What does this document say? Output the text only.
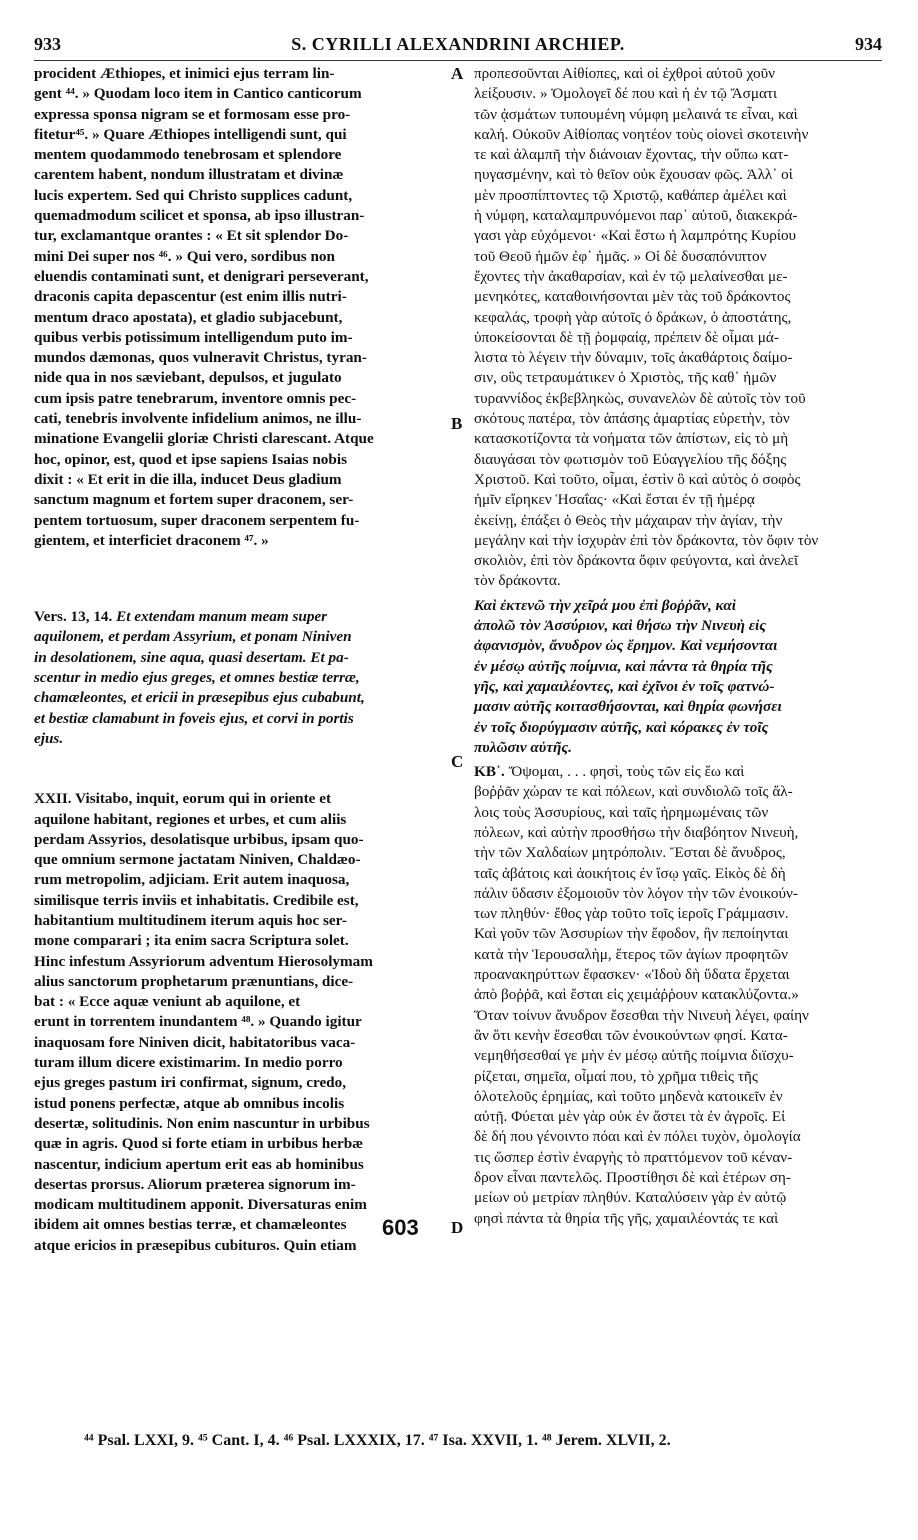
933	S. CYRILLI ALEXANDRINI ARCHIEP.	934

procident Æthiopes, et inimici ejus terram lin-
gent ⁴⁴. » Quodam loco item in Cantico canticorum
expressa sponsa nigram se et formosam esse pro-
fitetur⁴⁵. » Quare Æthiopes intelligendi sunt, qui
mentem quodammodo tenebrosam et splendore
carentem habent, nondum illustratam et divinæ
lucis expertem. Sed qui Christo supplices cadunt,
quemadmodum scilicet et sponsa, ab ipso illustran-
tur, exclamantque orantes : « Et sit splendor Do-
mini Dei super nos ⁴⁶. » Qui vero, sordibus non
eluendis contaminati sunt, et denigrari perseverant,
draconis capita depascentur (est enim illis nutri-
mentum draco apostata), et gladio subjacebunt,
quibus verbis potissimum intelligendum puto im-
mundos dæmonas, quos vulneravit Christus, tyran-
nide qua in nos sæviebant, depulsos, et jugulato
cum ipsis patre tenebrarum, inventore omnis pec-
cati, tenebris involvente infidelium animos, ne illu-
minatione Evangelii gloriæ Christi clarescant. Atque
hoc, opinor, est, quod et ipse sapiens Isaias nobis
dixit : « Et erit in die illa, inducet Deus gladium
sanctum magnum et fortem super draconem, ser-
pentem tortuosum, super draconem serpentem fu-
gientem, et interficiet draconem ⁴⁷. »

Vers. 13, 14. Et extendam manum meam super
aquilonem, et perdam Assyrium, et ponam Niniven
in desolationem, sine aqua, quasi desertam. Et pa-
scentur in medio ejus greges, et omnes bestiæ terræ,
chamæleontes, et ericii in præsepibus ejus cubabunt,
et bestiæ clamabunt in foveis ejus, et corvi in portis
ejus.

XXII. Visitabo, inquit, eorum qui in oriente et
aquilone habitant, regiones et urbes, et cum aliis
perdam Assyrios, desolatisque urbibus, ipsam quo-
que omnium sermone jactatam Niniven, Chaldæo-
rum metropolim, adjiciam. Erit autem inaquosa,
similisque terris inviis et inhabitatis. Credibile est,
habitantium multitudinem iterum aquis hoc ser-
mone comparari ; ita enim sacra Scriptura solet.
Hinc infestum Assyriorum adventum Hierosolymam
alius sanctorum prophetarum prænuntians, dice-
bat : « Ecce aquæ veniunt ab aquilone, et
erunt in torrentem inundantem ⁴⁸. » Quando igitur
inaquosam fore Niniven dicit, habitatoribus vaca-
turam illum dicere existimarim. In medio porro
ejus greges pastum iri confirmat, signum, credo,
istud ponens perfectæ, atque ab omnibus incolis
desertæ, solitudinis. Non enim nascuntur in urbibus
quæ in agris. Quod si forte etiam in urbibus herbæ
nascentur, indicium apertum erit eas ab hominibus
desertas prorsus. Aliorum præterea signorum im-
modicam multitudinem apponit. Diversaturas enim
ibidem ait omnes bestias terræ, et chamæleontes
atque ericios in præsepibus cubituros. Quin etiam

προπεσοῦνται Αἰθίοπες, καὶ οἱ ἐχθροὶ αὐτοῦ χοῦν
λείξουσιν. » Ὁμολογεῖ δέ που καὶ ἡ ἐν τῷ Ἄσματι
τῶν ᾀσμάτων τυπουμένη νύμφη μελαινά τε εἶναι, καὶ
καλή. Οὐκοῦν Αἰθίοπας νοητέον τοὺς οἱονεὶ σκοτεινὴν
τε καὶ ἀλαμπῆ τὴν διάνοιαν ἔχοντας, τὴν οὔπω κατ-
ηυγασμένην, καὶ τὸ θεῖον οὐκ ἔχουσαν φῶς. Ἀλλ᾽ οἱ
μὲν προσπίπτοντες τῷ Χριστῷ, καθάπερ ἀμέλει καὶ
ἡ νύμφη, καταλαμπρυνόμενοι παρ᾽ αὐτοῦ, διακεκρά-
γασι γὰρ εὐχόμενοι· «Καὶ ἔστω ἡ λαμπρότης Κυρίου
τοῦ Θεοῦ ἡμῶν ἐφ᾽ ἡμᾶς. » Οἱ δὲ δυσαπόνιπτον
ἔχοντες τὴν ἀκαθαρσίαν, καὶ ἐν τῷ μελαίνεσθαι με-
μενηκότες, καταθοινήσονται μὲν τὰς τοῦ δράκοντος
κεφαλάς, τροφὴ γὰρ αὐτοῖς ὁ δράκων, ὁ ἀποστάτης,
ὑποκείσονται δὲ τῇ ῥομφαίᾳ, πρέπειν δὲ οἶμαι μά-
λιστα τὸ λέγειν τὴν δύναμιν, τοῖς ἀκαθάρτοις δαίμο-
σιν, οὓς τετραυμάτικεν ὁ Χριστὸς, τῆς καθ᾽ ἡμῶν
τυραννίδος ἐκβεβληκὼς, συνανελὼν δὲ αὐτοῖς τὸν τοῦ
σκότους πατέρα, τὸν ἁπάσης ἁμαρτίας εὑρετὴν, τὸν
κατασκοτίζοντα τὰ νοήματα τῶν ἀπίστων, εἰς τὸ μὴ
διαυγάσαι τὸν φωτισμὸν τοῦ Εὐαγγελίου τῆς δόξης
Χριστοῦ. Καὶ τοῦτο, οἶμαι, ἐστὶν ὃ καὶ αὐτὸς ὁ σοφὸς
ἡμῖν εἴρηκεν Ἡσαΐας· «Καὶ ἔσται ἐν τῇ ἡμέρᾳ
ἐκείνῃ, ἐπάξει ὁ Θεὸς τὴν μάχαιραν τὴν ἁγίαν, τὴν
μεγάλην καὶ τὴν ἰσχυρὰν ἐπὶ τὸν δράκοντα, τὸν ὄφιν τὸν
σκολιὸν, ἐπὶ τὸν δράκοντα ὄφιν φεύγοντα, καὶ ἀνελεῖ
τὸν δράκοντα.

Καὶ ἐκτενῶ τὴν χεῖρά μου ἐπὶ βοῤῥᾶν, καὶ
ἀπολῶ τὸν Ἀσσύριον, καὶ θήσω τὴν Νινευὴ εἰς
ἀφανισμὸν, ἄνυδρον ὡς ἔρημον. Καὶ νεμήσονται
ἐν μέσῳ αὐτῆς ποίμνια, καὶ πάντα τὰ θηρία τῆς
γῆς, καὶ χαμαιλέοντες, καὶ ἐχῖνοι ἐν τοῖς φατνώ-
μασιν αὐτῆς κοιτασθήσονται, καὶ θηρία φωνήσει
ἐν τοῖς διορύγμασιν αὐτῆς, καὶ κόρακες ἐν τοῖς
πυλῶσιν αὐτῆς.

ΚΒ᾽. Ὄψομαι, . . . φησὶ, τοὺς τῶν εἰς ἕω καὶ
βοῤῥᾶν χώραν τε καὶ πόλεων, καὶ συνδιολῶ τοῖς ἄλ-
λοις τοὺς Ἀσσυρίους, καὶ ταῖς ἠρημωμέναις τῶν
πόλεων, καὶ αὐτὴν προσθήσω τὴν διαβόητον Νινευὴ,
τὴν τῶν Χαλδαίων μητρόπολιν. Ἔσται δὲ ἄνυδρος,
ταῖς ἀβάτοις καὶ ἀοικήτοις ἐν ἴσῳ γαῖς. Εἰκὸς δὲ δὴ
πάλιν ὕδασιν ἐξομοιοῦν τὸν λόγον τὴν τῶν ἐνοικούν-
των πληθύν· ἔθος γὰρ τοῦτο τοῖς ἱεροῖς Γράμμασιν.
Καὶ γοῦν τῶν Ἀσσυρίων τὴν ἔφοδον, ἣν πεποίηνται
κατὰ τὴν Ἱερουσαλὴμ, ἕτερος τῶν ἁγίων προφητῶν
προανακηρύττων ἔφασκεν· «Ἰδοὺ δὴ ὕδατα ἔρχεται
ἀπὸ βοῤῥᾶ, καὶ ἔσται εἰς χειμάῤῥουν κατακλύζοντα.»
Ὅταν τοίνυν ἄνυδρον ἔσεσθαι τὴν Νινευὴ λέγει, φαίην
ἂν ὅτι κενὴν ἔσεσθαι τῶν ἐνοικούντων φησί. Κατα-
νεμηθήσεσθαί γε μὴν ἐν μέσῳ αὐτῆς ποίμνια διϊσχυ-
ρίζεται, σημεῖα, οἶμαί που, τὸ χρῆμα τιθεὶς τῆς
ὁλοτελοῦς ἐρημίας, καὶ τοῦτο μηδενὰ κατοικεῖν ἐν
αὐτῇ. Φύεται μὲν γὰρ οὐκ ἐν ἄστει τὰ ἐν ἀγροῖς. Εἰ
δὲ δή που γένοιντο πόαι καὶ ἐν πόλει τυχὸν, ὁμολογία
τις ὥσπερ ἐστὶν ἐναργὴς τὸ πραττόμενον τοῦ κέναν-
δρον εἶναι παντελῶς. Προστίθησι δὲ καὶ ἑτέρων ση-
μείων οὐ μετρίαν πληθύν. Καταλύσειν γὰρ ἐν αὐτῷ
φησὶ πάντα τὰ θηρία τῆς γῆς, χαμαιλέοντάς τε καὶ

A
B
C
D
603
⁴⁴ Psal. LXXI, 9. ⁴⁵ Cant. I, 4. ⁴⁶ Psal. LXXXIX, 17. ⁴⁷ Isa. XXVII, 1. ⁴⁸ Jerem. XLVII, 2.
